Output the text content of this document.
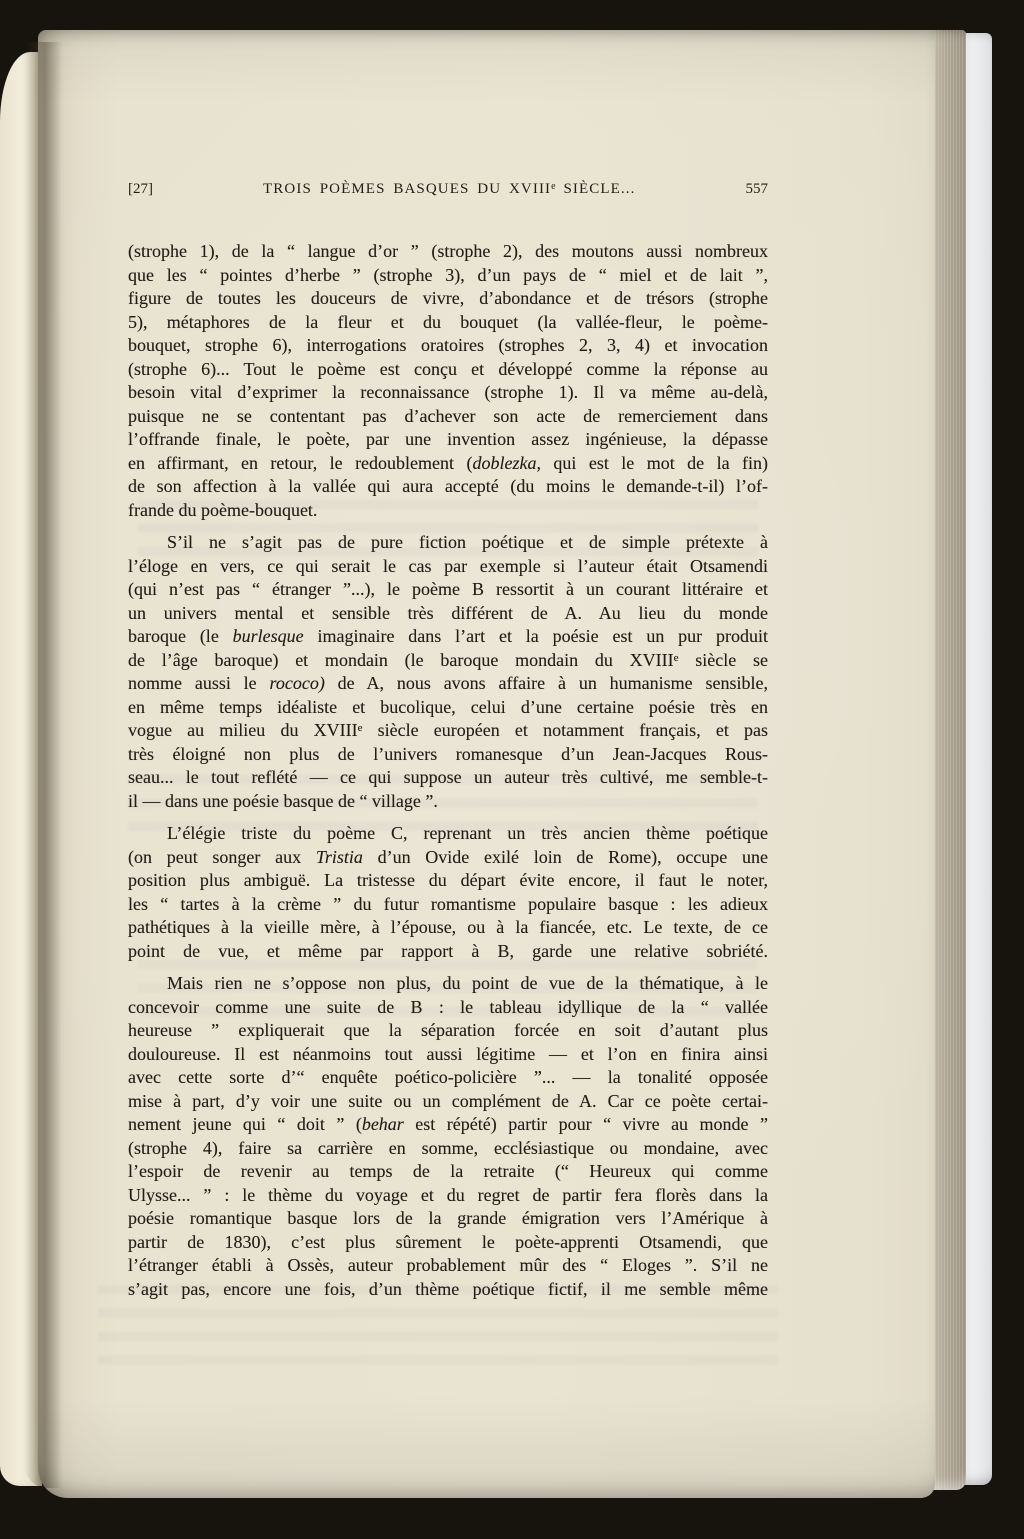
[27]	TROIS POÈMES BASQUES DU XVIIIe SIÈCLE...	557
(strophe 1), de la “ langue d’or ” (strophe 2), des moutons aussi nombreux
que les “ pointes d’herbe ” (strophe 3), d’un pays de “ miel et de lait ”,
figure de toutes les douceurs de vivre, d’abondance et de trésors (strophe
5), métaphores de la fleur et du bouquet (la vallée-fleur, le poème-
bouquet, strophe 6), interrogations oratoires (strophes 2, 3, 4) et invocation
(strophe 6)... Tout le poème est conçu et développé comme la réponse au
besoin vital d’exprimer la reconnaissance (strophe 1). Il va même au-delà,
puisque ne se contentant pas d’achever son acte de remerciement dans
l’offrande finale, le poète, par une invention assez ingénieuse, la dépasse
en affirmant, en retour, le redoublement (doblezka, qui est le mot de la fin)
de son affection à la vallée qui aura accepté (du moins le demande-t-il) l’of-
frande du poème-bouquet.
S’il ne s’agit pas de pure fiction poétique et de simple prétexte à
l’éloge en vers, ce qui serait le cas par exemple si l’auteur était Otsamendi
(qui n’est pas “ étranger ”...), le poème B ressortit à un courant littéraire et
un univers mental et sensible très différent de A. Au lieu du monde
baroque (le burlesque imaginaire dans l’art et la poésie est un pur produit
de l’âge baroque) et mondain (le baroque mondain du XVIIIe siècle se
nomme aussi le rococo) de A, nous avons affaire à un humanisme sensible,
en même temps idéaliste et bucolique, celui d’une certaine poésie très en
vogue au milieu du XVIIIe siècle européen et notamment français, et pas
très éloigné non plus de l’univers romanesque d’un Jean-Jacques Rous-
seau... le tout reflété — ce qui suppose un auteur très cultivé, me semble-t-
il — dans une poésie basque de “ village ”.
L’élégie triste du poème C, reprenant un très ancien thème poétique
(on peut songer aux Tristia d’un Ovide exilé loin de Rome), occupe une
position plus ambiguë. La tristesse du départ évite encore, il faut le noter,
les “ tartes à la crème ” du futur romantisme populaire basque : les adieux
pathétiques à la vieille mère, à l’épouse, ou à la fiancée, etc. Le texte, de ce
point de vue, et même par rapport à B, garde une relative sobriété.
Mais rien ne s’oppose non plus, du point de vue de la thématique, à le
concevoir comme une suite de B : le tableau idyllique de la “ vallée
heureuse ” expliquerait que la séparation forcée en soit d’autant plus
douloureuse. Il est néanmoins tout aussi légitime — et l’on en finira ainsi
avec cette sorte d’“ enquête poético-policière ”... — la tonalité opposée
mise à part, d’y voir une suite ou un complément de A. Car ce poète certai-
nement jeune qui “ doit ” (behar est répété) partir pour “ vivre au monde ”
(strophe 4), faire sa carrière en somme, ecclésiastique ou mondaine, avec
l’espoir de revenir au temps de la retraite (“ Heureux qui comme
Ulysse... ” : le thème du voyage et du regret de partir fera florès dans la
poésie romantique basque lors de la grande émigration vers l’Amérique à
partir de 1830), c’est plus sûrement le poète-apprenti Otsamendi, que
l’étranger établi à Ossès, auteur probablement mûr des “ Eloges ”. S’il ne
s’agit pas, encore une fois, d’un thème poétique fictif, il me semble même
